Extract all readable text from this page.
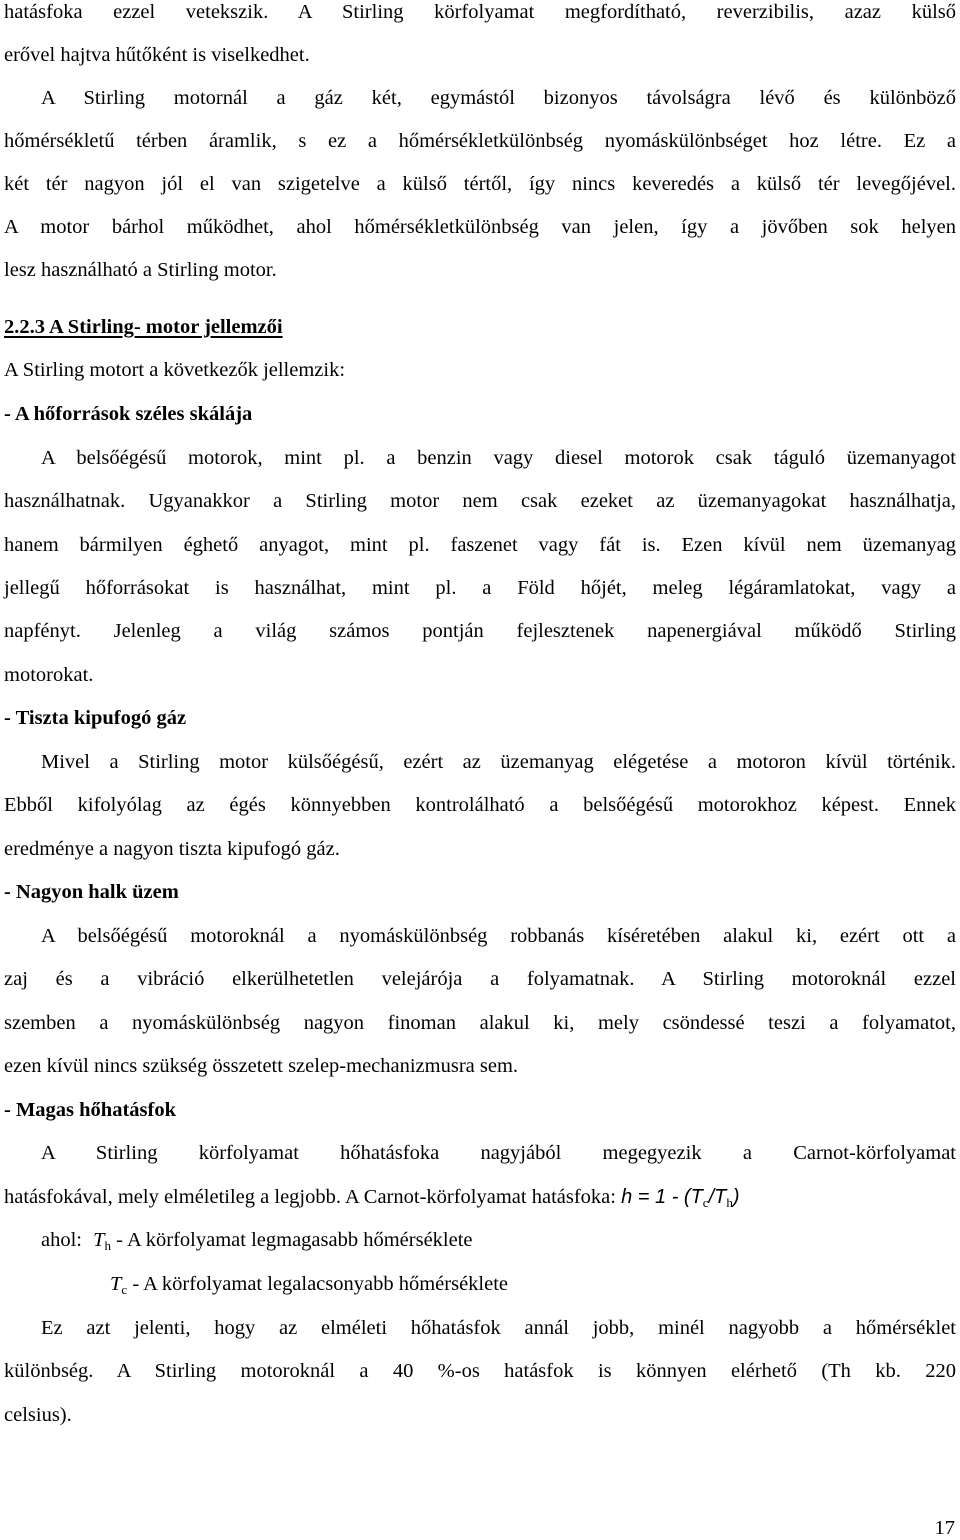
hatásfoka ezzel vetekszik. A Stirling körfolyamat megfordítható, reverzibilis, azaz külső
erővel hajtva hűtőként is viselkedhet.
A Stirling motornál a gáz két, egymástól bizonyos távolságra lévő és különböző
hőmérsékletű térben áramlik, s ez a hőmérsékletkülönbség nyomáskülönbséget hoz létre. Ez a
két tér nagyon jól el van szigetelve a külső tértől, így nincs keveredés a külső tér levegőjével.
A motor bárhol működhet, ahol hőmérsékletkülönbség van jelen, így a jövőben sok helyen
lesz használható a Stirling motor.
2.2.3 A Stirling- motor jellemzői
A Stirling motort a következők jellemzik:
- A hőforrások széles skálája
A belsőégésű motorok, mint pl. a benzin vagy diesel motorok csak táguló üzemanyagot
használhatnak. Ugyanakkor a Stirling motor nem csak ezeket az üzemanyagokat használhatja,
hanem bármilyen éghető anyagot, mint pl. faszenet vagy fát is. Ezen kívül nem üzemanyag
jellegű hőforrásokat is használhat, mint pl. a Föld hőjét, meleg légáramlatokat, vagy a
napfényt. Jelenleg a világ számos pontján fejlesztenek napenergiával működő Stirling
motorokat.
- Tiszta kipufogó gáz
Mivel a Stirling motor külsőégésű, ezért az üzemanyag elégetése a motoron kívül történik.
Ebből kifolyólag az égés könnyebben kontrolálható a belsőégésű motorokhoz képest. Ennek
eredménye a nagyon tiszta kipufogó gáz.
- Nagyon halk üzem
A belsőégésű motoroknál a nyomáskülönbség robbanás kíséretében alakul ki, ezért ott a
zaj és a vibráció elkerülhetetlen velejárója a folyamatnak. A Stirling motoroknál ezzel
szemben a nyomáskülönbség nagyon finoman alakul ki, mely csöndessé teszi a folyamatot,
ezen kívül nincs szükség összetett szelep-mechanizmusra sem.
- Magas hőhatásfok
A Stirling körfolyamat hőhatásfoka nagyjából megegyezik a Carnot-körfolyamat
hatásfokával, mely elméletileg a legjobb. A Carnot-körfolyamat hatásfoka: $h = 1 - (T_c/T_h)$
ahol: $T_h$ - A körfolyamat legmagasabb hőmérséklete
$T_c$ - A körfolyamat legalacsonyabb hőmérséklete
Ez azt jelenti, hogy az elméleti hőhatásfok annál jobb, minél nagyobb a hőmérséklet
különbség. A Stirling motoroknál a 40 %-os hatásfok is könnyen elérhető (Th kb. 220
celsius).
17
